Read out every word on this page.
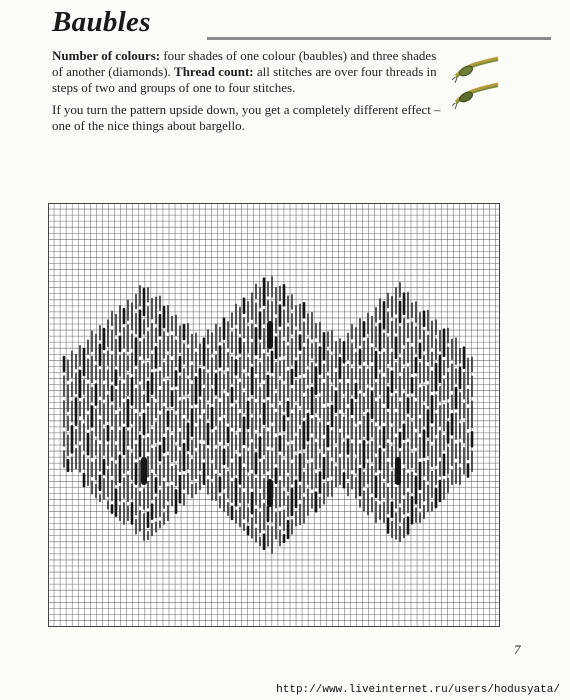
Baubles

Number of colours: four shades of one colour (baubles) and three shades of another (diamonds). Thread count: all stitches are over four threads in steps of two and groups of one to four stitches.

If you turn the pattern upside down, you get a completely different effect – one of the nice things about bargello.

7
http://www.liveinternet.ru/users/hodusyata/
